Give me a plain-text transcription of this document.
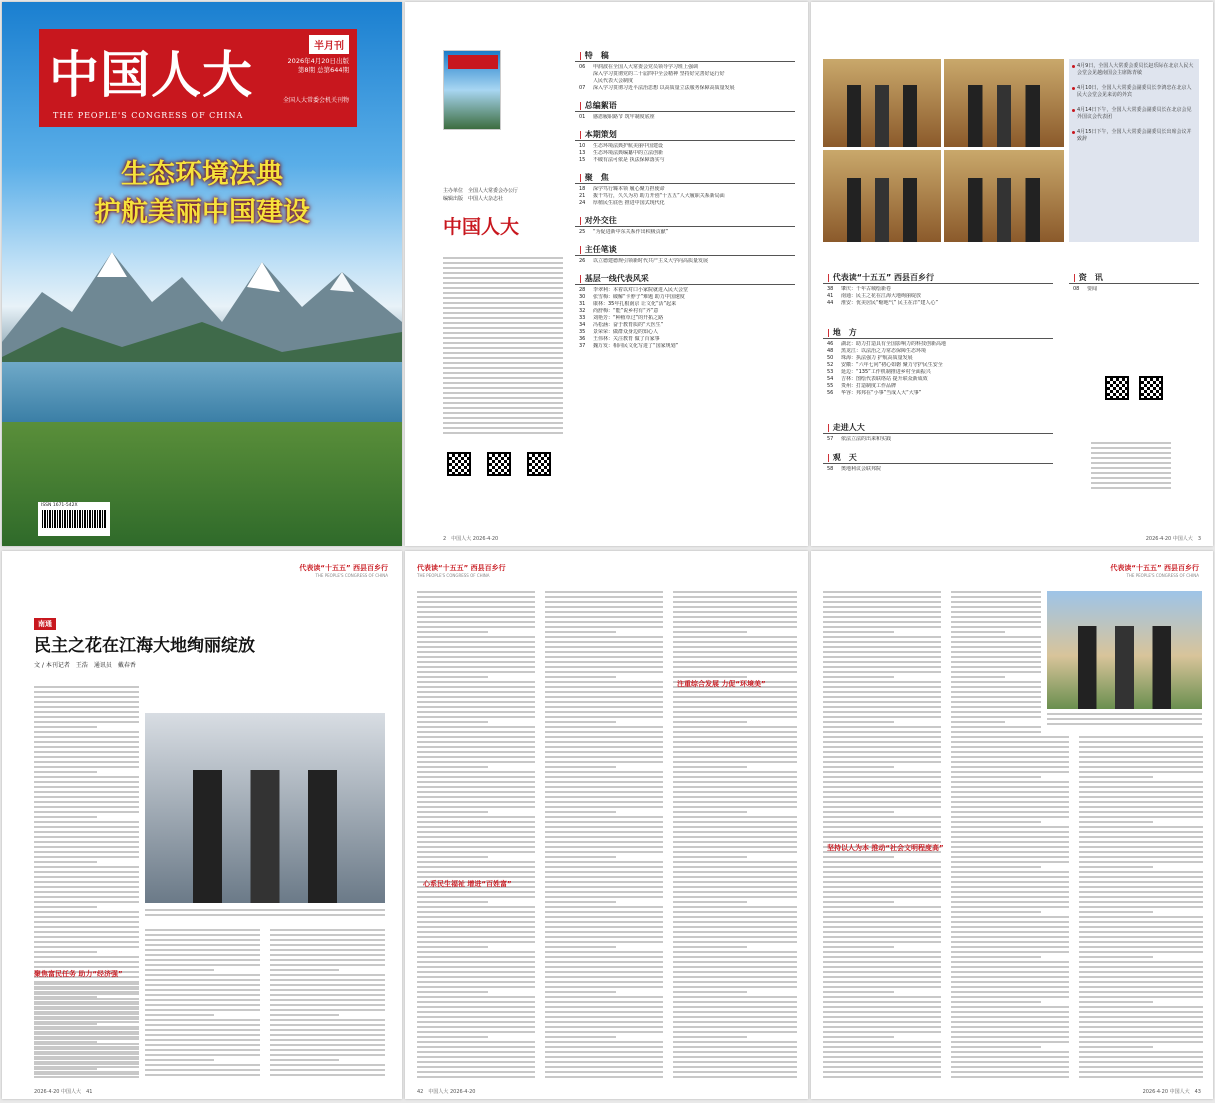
中国人大	半月刊
2026年4月20日出版
第8期 总第644期
全国人大常委会机关刊物
THE PEOPLE'S CONGRESS OF CHINA
生态环境法典
护航美丽中国建设
ISSN 1671-542X
主办单位　全国人大常委会办公厅
编辑出版　中国人大杂志社
中国人大
| 特　稿
06 申润波在全国人大常委会党员领导学习班上强调
深入学习贯彻党的二十届四中全会精神 坚持好完善好运行好
人民代表大会制度
07 深入学习贯彻习近平法治思想 以高质量立法服务保障高质量发展
| 总编絮语
01 感恩履职路节 筑牢制度底座
| 本期策划
10 生态环境法典护航美丽中国建设
13 生态环境法典编纂中的立法创新
15 不破有法可依是 执法保障落实与
| 聚　焦
18 深学笃行臻本领 履心聚力担使命
21 拨干笃行，久久为功 助力开创“十五五”人大履职关系新局面
24 厚植民生底色 推进中国式现代化
| 对外交往
25 “为促进新中东关系作出积极贡献”
| 主任笔谈
26 以立德建德规引领新时代共产主义大学向高质量发展
| 基层一线代表风采
28 李翠利：本着以对口小家院就进入民大会堂
30 张雪梅：破解“卡脖子”难题 助力中国速度
31 康林：35年扎根南京 让文化“活”起来
32 尚舒梅：“能”说乡村有“齐”意
33 刘艳芳：“种植草过”的开拓之路
34 冯松涵：奋于教育质的“大医生”
35 景荣荣：做群众身边的知心人
36 王伟林：关注教育 做了百家事
37 魏万发：相同民文化写进了“国家规划”
2　 中国人大 2026·4·20

4月9日，全国人大常委会委员长赵乐际在北京人民大会堂会见越南国会主席陈青敏

4月10日，全国人大常委会副委员长李鸿忠在北京人民大会堂会见来访的外宾

4月14日下午，全国人大常委会副委员长在北京会见外国议会代表团

4月15日下午，全国人大常委会副委员长出席会议并致辞

| 代表读“十五五” 西县百乡行
38 肇庆：千年古城绘新卷
41 南通：民主之花在江海大地绚丽绽放
44 淮安：优美居民“缩地气” 民主在洋“建人心”
| 地　方
46 湖北：助力打造具有全国影响力的科技创新高地
48 黑龙江：以法治之力常态保障生态环境
50 珠海：执法强力 护航高质量发展
52 安徽：“六年七问”初心如磐 聚力守护民生安全
53 延边：“135”工作机制推进乡村全面振兴
54 吉林：图绘代表联络站 提升联众新成效
55 贵州：打造制度工作品牌
56 华容：邦邦在“小事”当成人大“大事”
| 走进人大
57 依法立法的出来和实践
| 观　天
58 奥地利议会联邦院
| 资　讯
08 要闻

2026·4·20 中国人大　 3
代表读“十五五” 西县百乡行
THE PEOPLE'S CONGRESS OF CHINA
南通
民主之花在江海大地绚丽绽放
文 / 本刊记者　王浩　通讯员　戴春香
聚焦富民任务 助力“经济强”
2026·4·20 中国人大　 41
代表读“十五五” 西县百乡行
THE PEOPLE'S CONGRESS OF CHINA
心系民生福祉 增进“百姓富”
注重综合发展 力促“环境美”
42　 中国人大 2026·4·20
代表读“十五五” 西县百乡行
THE PEOPLE'S CONGRESS OF CHINA
坚持以人为本 推动“社会文明程度高”
2026·4·20 中国人大　 43
